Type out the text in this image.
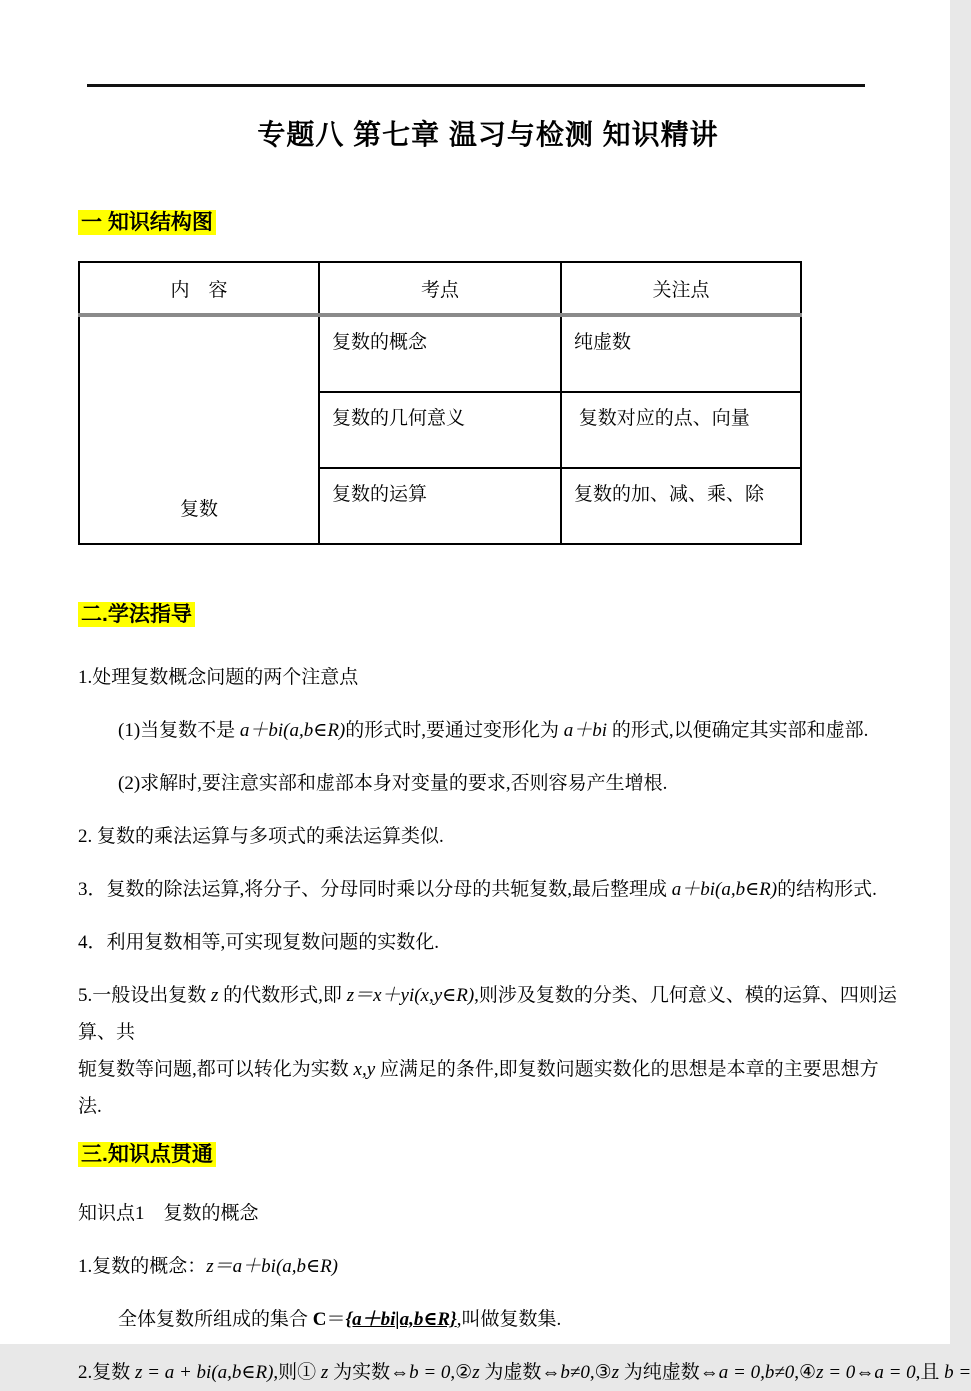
专题八 第七章 温习与检测 知识精讲
一 知识结构图
内　容	考点	关注点
复数	复数的概念	纯虚数
	复数的几何意义	复数对应的点、向量
	复数的运算	复数的加、减、乘、除
二.学法指导

1.处理复数概念问题的两个注意点

(1)当复数不是 a＋bi(a,b∈R)的形式时,要通过变形化为 a＋bi 的形式,以便确定其实部和虚部.

(2)求解时,要注意实部和虚部本身对变量的要求,否则容易产生增根.

2. 复数的乘法运算与多项式的乘法运算类似.

3．复数的除法运算,将分子、分母同时乘以分母的共轭复数,最后整理成 a＋bi(a,b∈R)的结构形式.

4．利用复数相等,可实现复数问题的实数化.

5.一般设出复数 z 的代数形式,即 z＝x＋yi(x,y∈R),则涉及复数的分类、几何意义、模的运算、四则运算、共
轭复数等问题,都可以转化为实数 x,y 应满足的条件,即复数问题实数化的思想是本章的主要思想方法.

三.知识点贯通

知识点1　复数的概念

1.复数的概念：z＝a＋bi(a,b∈R)

全体复数所组成的集合 C＝{a＋bi|a,b∈R},叫做复数集.

2.复数 z = a + bi(a,b∈R),则① z 为实数⇔b = 0,②z 为虚数⇔b≠0,③z 为纯虚数⇔a = 0,b≠0,④z = 0⇔a = 0,且 b =
